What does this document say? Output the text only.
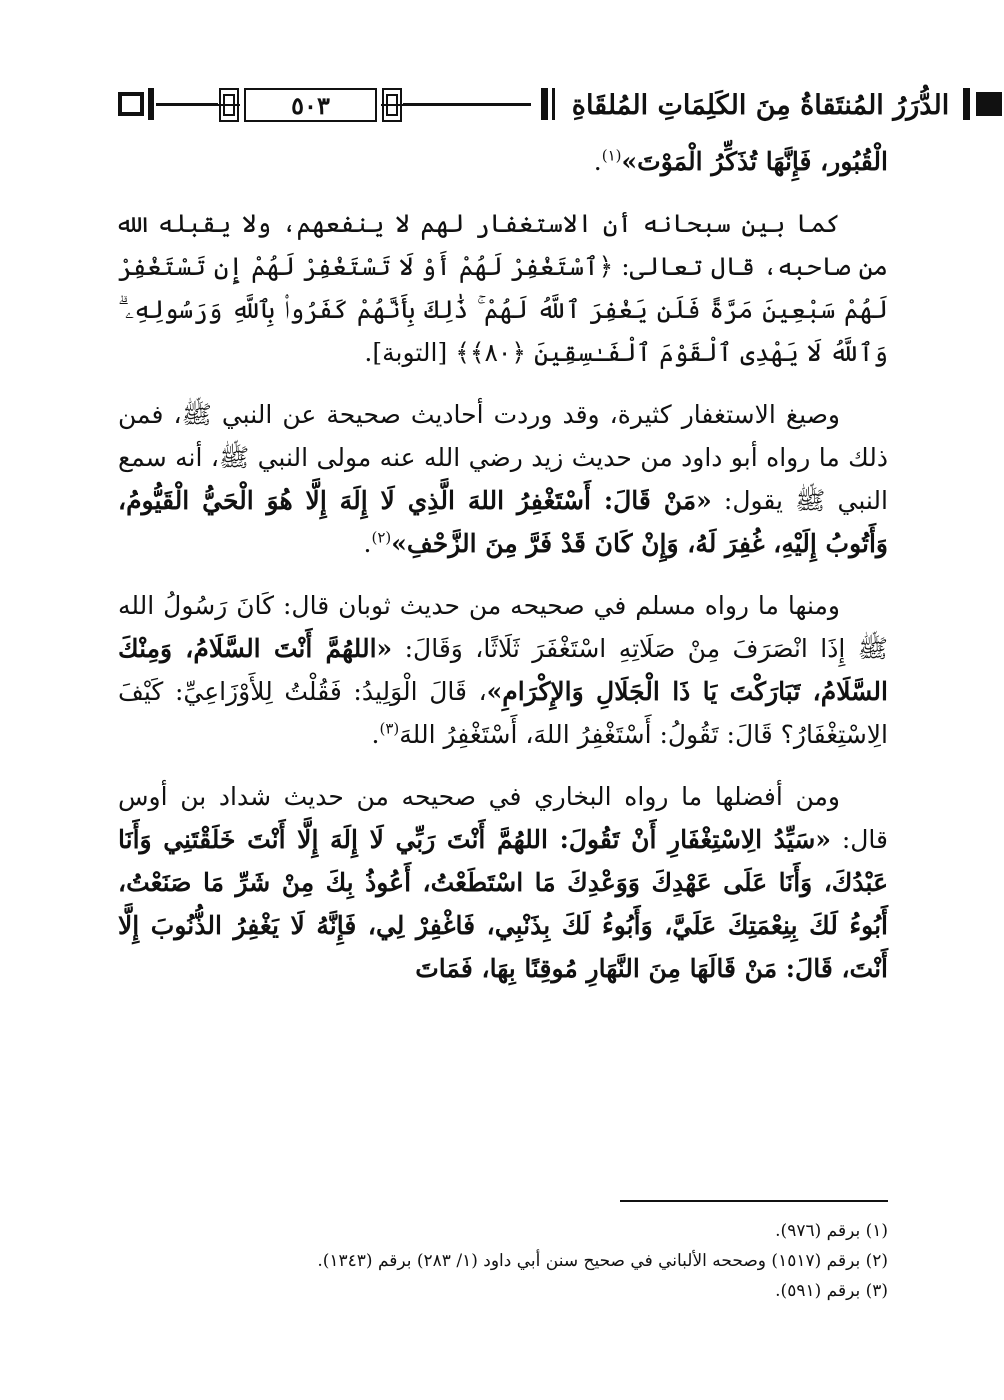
٥٠٣	الدُّرَرُ المُنتَقاةُ مِنَ الكَلِمَاتِ المُلقَاةِ

الْقُبُور، فَإِنَّهَا تُذَكِّرُ الْمَوْتَ»$^{(١)}$.

كما بين سبحانه أن الاستغفار لهم لا ينفعهم، ولا يقبله الله من صاحبه، قال تعالى: ﴿ٱسْتَغْفِرْ لَهُمْ أَوْ لَا تَسْتَغْفِرْ لَهُمْ إِن تَسْتَغْفِرْ لَهُمْ سَبْعِينَ مَرَّةً فَلَن يَغْفِرَ ٱللَّهُ لَهُمْ ۚ ذَٰلِكَ بِأَنَّهُمْ كَفَرُوا۟ بِٱللَّهِ وَرَسُولِهِۦ ۗ وَٱللَّهُ لَا يَهْدِى ٱلْقَوْمَ ٱلْفَـٰسِقِينَ ﴿٨٠﴾﴾ [التوبة].

وصيغ الاستغفار كثيرة، وقد وردت أحاديث صحيحة عن النبي ﷺ، فمن ذلك ما رواه أبو داود من حديث زيد رضي الله عنه مولى النبي ﷺ، أنه سمع النبي ﷺ يقول: «مَنْ قَالَ: أَسْتَغْفِرُ اللهَ الَّذِي لَا إِلَهَ إِلَّا هُوَ الْحَيُّ الْقَيُّومُ، وَأَتُوبُ إِلَيْهِ، غُفِرَ لَهُ، وَإِنْ كَانَ قَدْ فَرَّ مِنَ الزَّحْفِ»$^{(٢)}$.

ومنها ما رواه مسلم في صحيحه من حديث ثوبان قال: كَانَ رَسُولُ الله ﷺ إِذَا انْصَرَفَ مِنْ صَلَاتِهِ اسْتَغْفَرَ ثَلَاثًا، وَقَالَ: «اللهُمَّ أَنْتَ السَّلَامُ، وَمِنْكَ السَّلَامُ، تَبَارَكْتَ يَا ذَا الْجَلَالِ وَالإِكْرَامِ»، قَالَ الْوَلِيدُ: فَقُلْتُ لِلأَوْزَاعِيِّ: كَيْفَ الِاسْتِغْفَارُ؟ قَالَ: تَقُولُ: أَسْتَغْفِرُ اللهَ، أَسْتَغْفِرُ اللهَ$^{(٣)}$.

ومن أفضلها ما رواه البخاري في صحيحه من حديث شداد بن أوس قال: «سَيِّدُ الِاسْتِغْفَارِ أَنْ تَقُولَ: اللهُمَّ أَنْتَ رَبِّي لَا إِلَهَ إِلَّا أَنْتَ خَلَقْتَنِي وَأَنَا عَبْدُكَ، وَأَنَا عَلَى عَهْدِكَ وَوَعْدِكَ مَا اسْتَطَعْتُ، أَعُوذُ بِكَ مِنْ شَرِّ مَا صَنَعْتُ، أَبُوءُ لَكَ بِنِعْمَتِكَ عَلَيَّ، وَأَبُوءُ لَكَ بِذَنْبِي، فَاغْفِرْ لِي، فَإِنَّهُ لَا يَغْفِرُ الذُّنُوبَ إِلَّا أَنْتَ، قَالَ: مَنْ قَالَهَا مِنَ النَّهَارِ مُوقِنًا بِهَا، فَمَاتَ

(١) برقم (٩٧٦).
(٢) برقم (١٥١٧) وصححه الألباني في صحيح سنن أبي داود (١/ ٢٨٣) برقم (١٣٤٣).
(٣) برقم (٥٩١).
